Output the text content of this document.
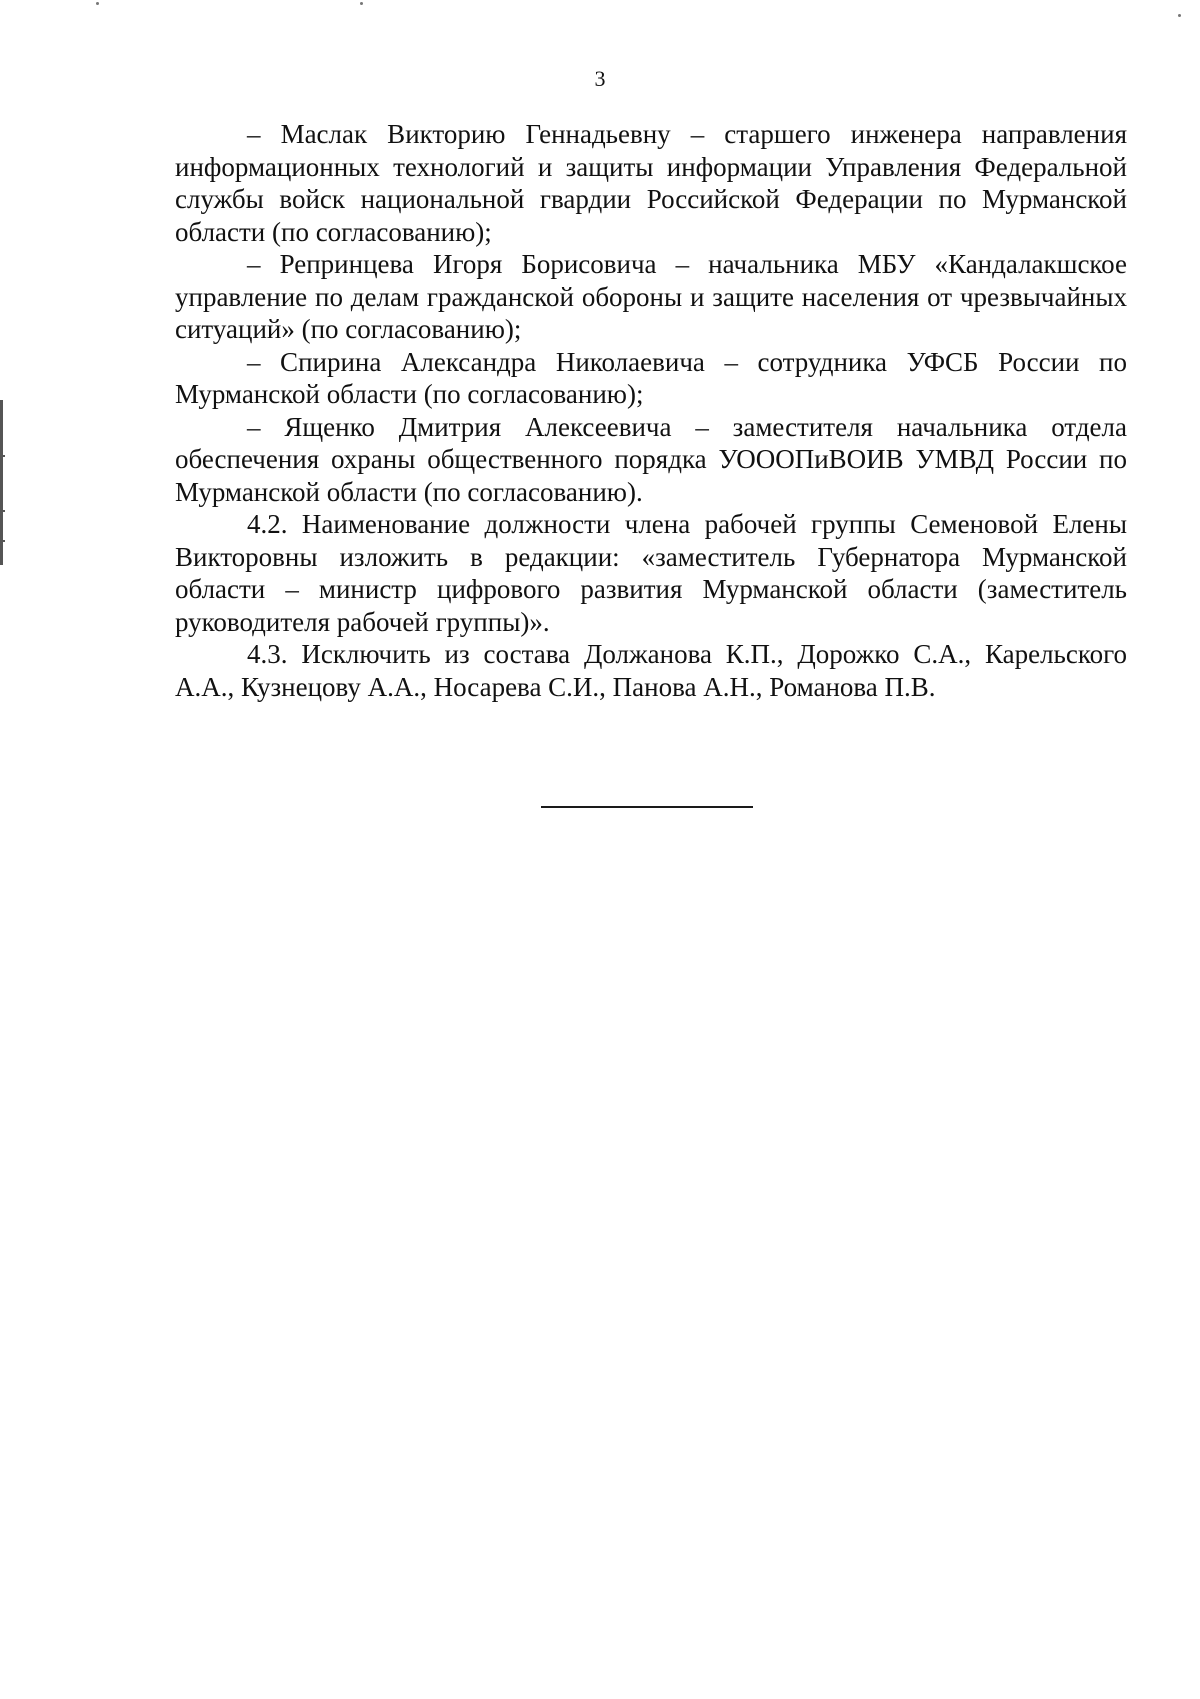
3

– Маслак Викторию Геннадьевну – старшего инженера направления информационных технологий и защиты информации Управления Федеральной службы войск национальной гвардии Российской Федерации по Мурманской области (по согласованию);

– Репринцева Игоря Борисовича – начальника МБУ «Кандалакшское управление по делам гражданской обороны и защите населения от чрезвычайных ситуаций» (по согласованию);

– Спирина Александра Николаевича – сотрудника УФСБ России по Мурманской области (по согласованию);

– Ященко Дмитрия Алексеевича – заместителя начальника отдела обеспечения охраны общественного порядка УОООПиВОИВ УМВД России по Мурманской области (по согласованию).

4.2. Наименование должности члена рабочей группы Семеновой Елены Викторовны изложить в редакции: «заместитель Губернатора Мурманской области – министр цифрового развития Мурманской области (заместитель руководителя рабочей группы)».

4.3. Исключить из состава Должанова К.П., Дорожко С.А., Карельского А.А., Кузнецову А.А., Носарева С.И., Панова А.Н., Романова П.В.
